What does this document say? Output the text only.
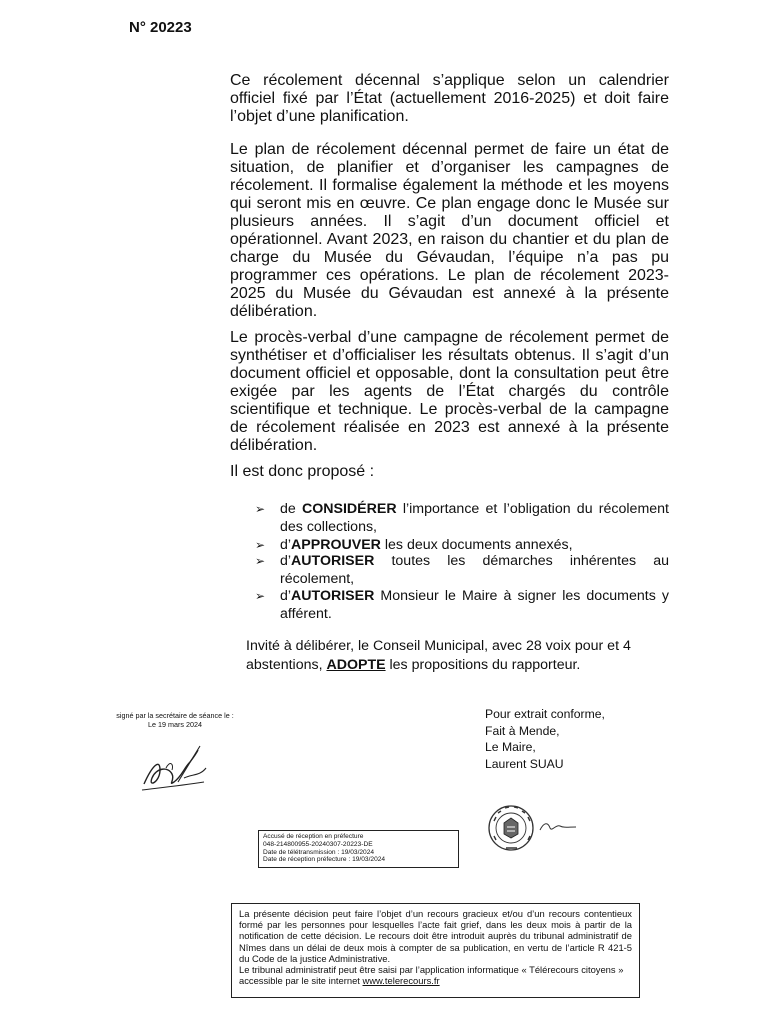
N° 20223

Ce récolement décennal s’applique selon un calendrier officiel fixé par l’État (actuellement 2016-2025) et doit faire l’objet d’une planification.

Le plan de récolement décennal permet de faire un état de situation, de planifier et d’organiser les campagnes de récolement. Il formalise également la méthode et les moyens qui seront mis en œuvre. Ce plan engage donc le Musée sur plusieurs années. Il s’agit d’un document officiel et opérationnel. Avant 2023, en raison du chantier et du plan de charge du Musée du Gévaudan, l’équipe n’a pas pu programmer ces opérations. Le plan de récolement 2023-2025 du Musée du Gévaudan est annexé à la présente délibération.

Le procès-verbal d’une campagne de récolement permet de synthétiser et d’officialiser les résultats obtenus. Il s’agit d’un document officiel et opposable, dont la consultation peut être exigée par les agents de l’État chargés du contrôle scientifique et technique. Le procès-verbal de la campagne de récolement réalisée en 2023 est annexé à la présente délibération.

Il est donc proposé :

➢ de CONSIDÉRER l’importance et l’obligation du récolement des collections,
➢ d’APPROUVER les deux documents annexés,
➢ d’AUTORISER toutes les démarches inhérentes au récolement,
➢ d’AUTORISER Monsieur le Maire à signer les documents y afférent.
Invité à délibérer, le Conseil Municipal, avec 28 voix pour et 4 abstentions, ADOPTE les propositions du rapporteur.
signé par la secrétaire de séance le :
Le 19 mars 2024
Pour extrait conforme,
Fait à Mende,
Le Maire,
Laurent SUAU
Accusé de réception en préfecture
048-214800955-20240307-20223-DE
Date de télétransmission : 19/03/2024
Date de réception préfecture : 19/03/2024
La présente décision peut faire l’objet d’un recours gracieux et/ou d’un recours contentieux formé par les personnes pour lesquelles l’acte fait grief, dans les deux mois à partir de la notification de cette décision. Le recours doit être introduit auprès du tribunal administratif de Nîmes dans un délai de deux mois à compter de sa publication, en vertu de l’article R 421-5 du Code de la justice Administrative.
Le tribunal administratif peut être saisi par l’application informatique « Télérecours citoyens » accessible par le site internet www.telerecours.fr
